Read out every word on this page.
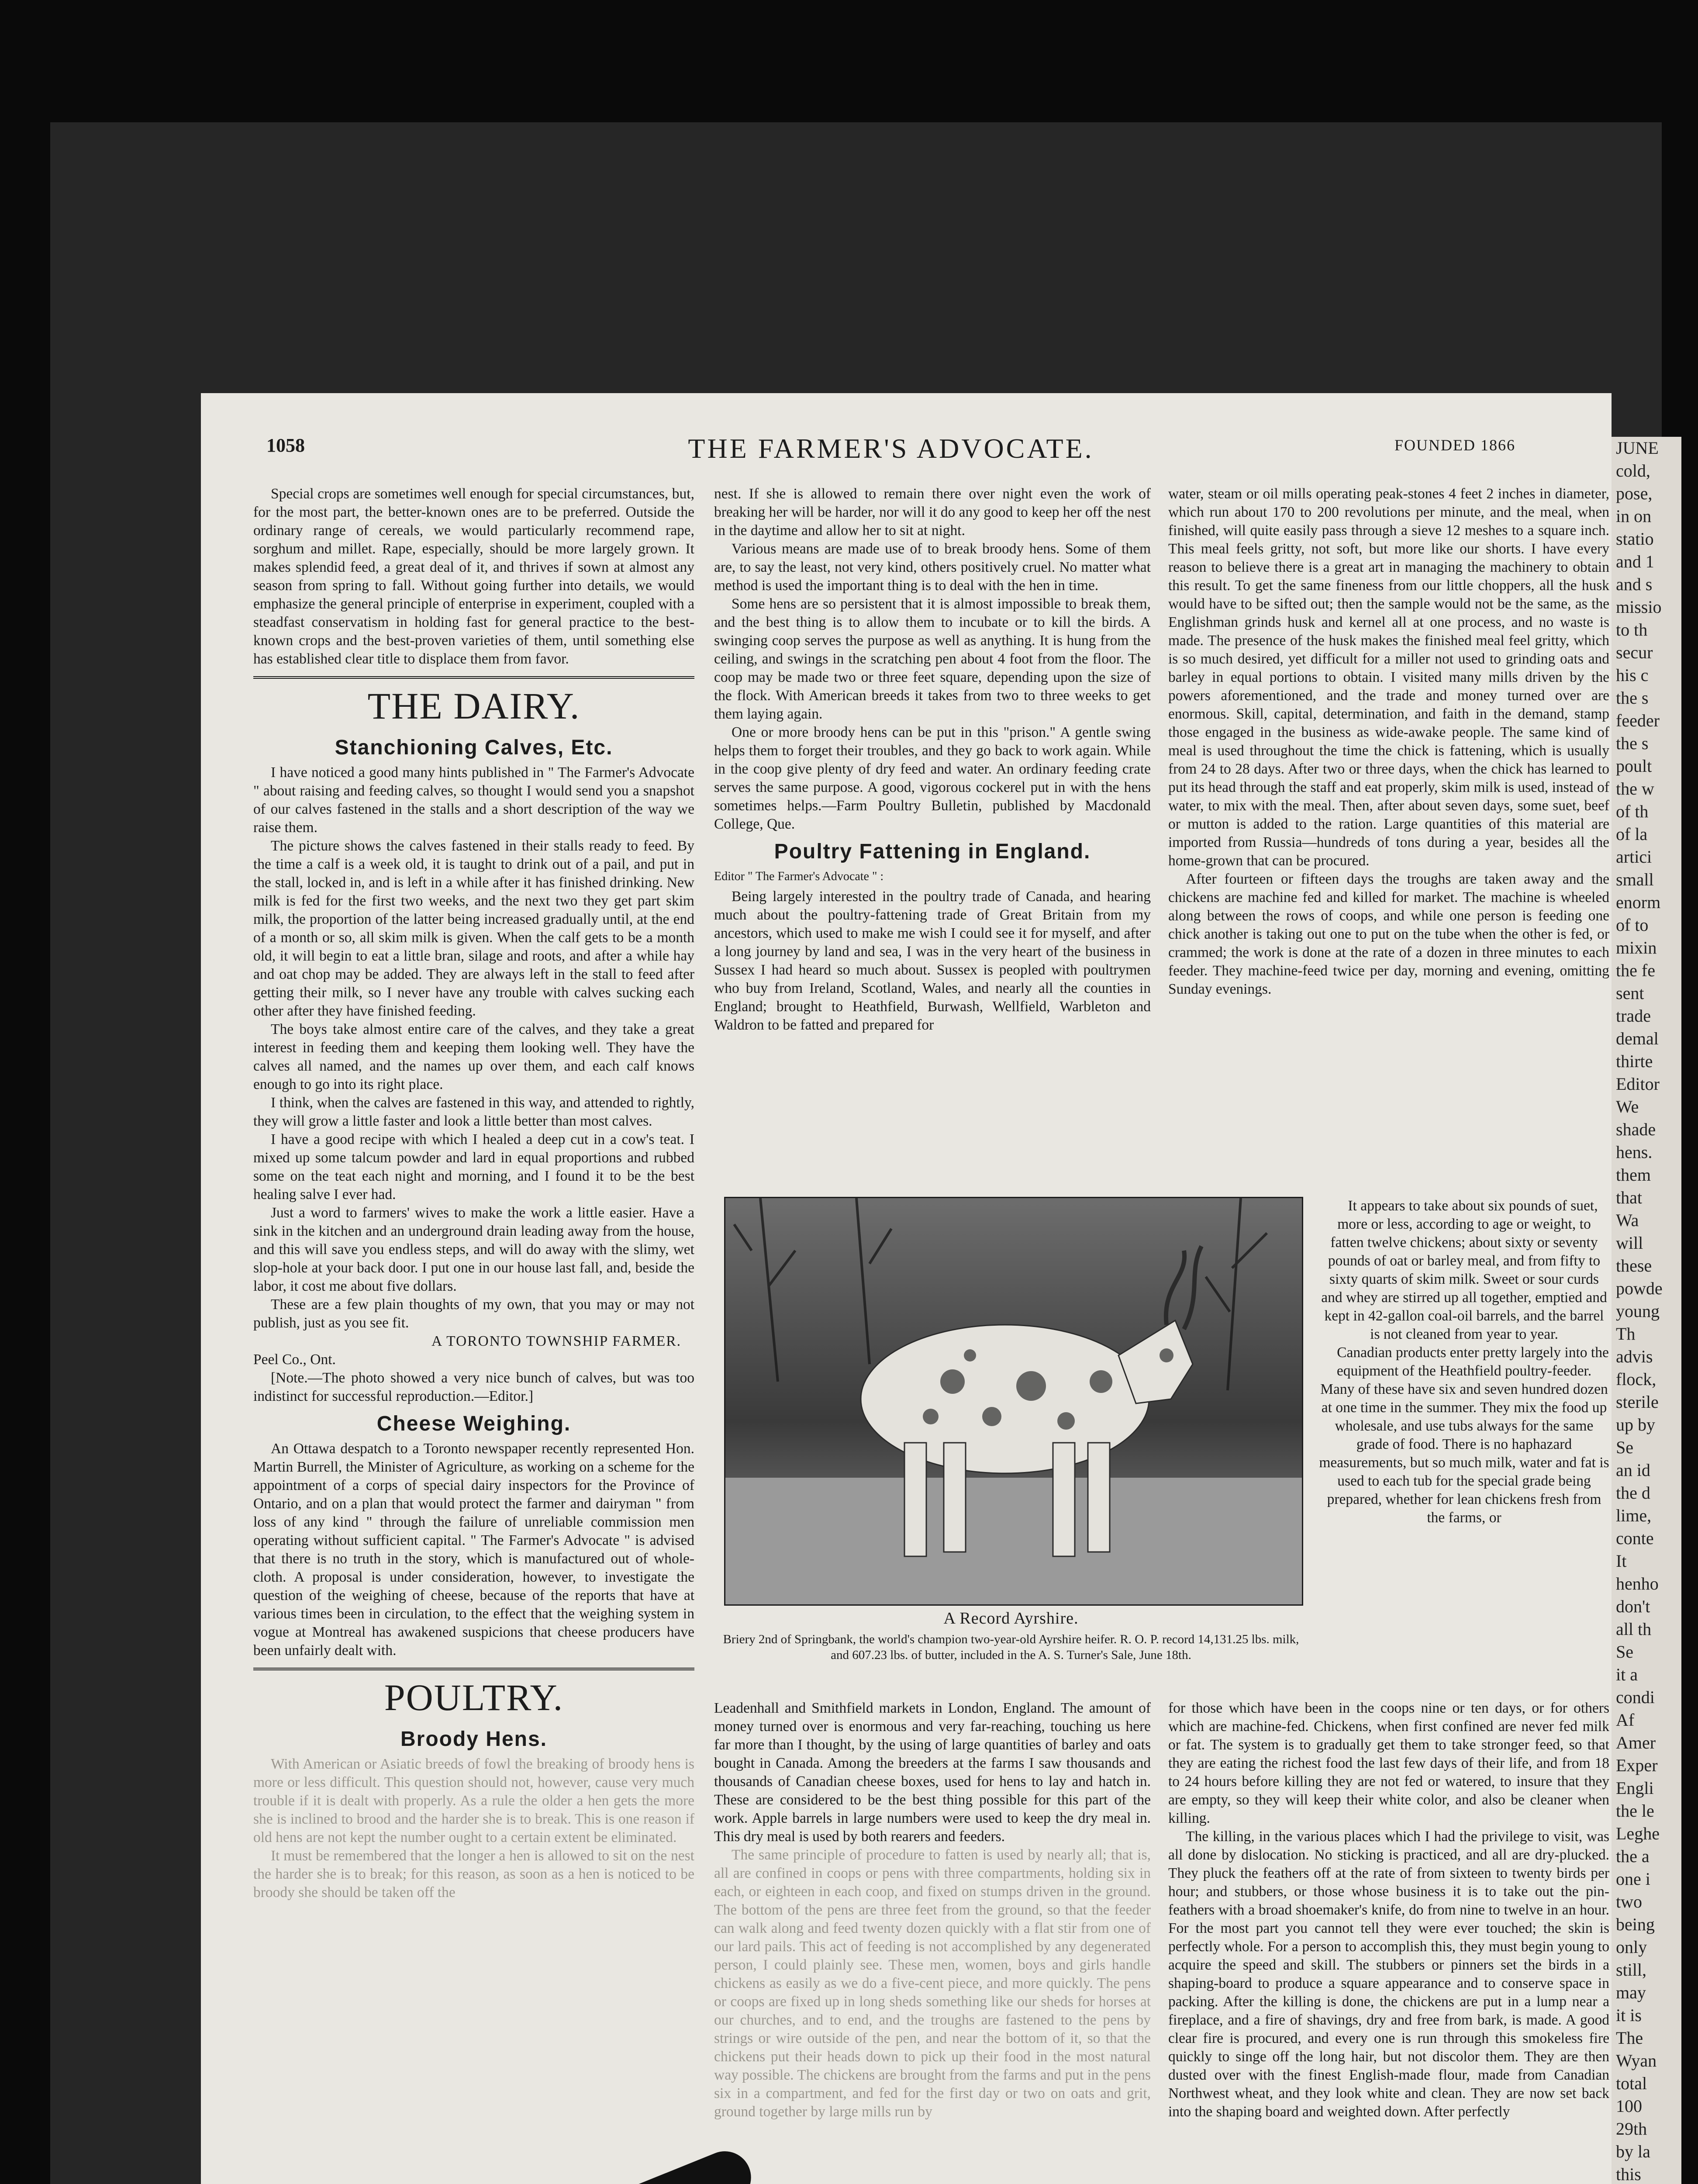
JUNE
cold,
pose,
in on
statio
and 1
and s
missio
to th
secur
his c
the s
feeder
the s
poult
the w
of th
of la
artici
small
enorm
of to
mixin
the fe
sent
trade
demal
thirte
Editor
We
shade
hens.
them
that
Wa
will
these
powde
young
Th
advis
flock,
sterile
up by
Se
an id
the d
lime,
conte
It
henho
don't
all th
Se
it a
condi
Af
Amer
Exper
Engli
the le
Leghe
the a
one i
two
being
only
still,
may
it is
The
Wyan
total
100
29th
by la
this
1058	THE FARMER'S ADVOCATE.	FOUNDED 1866

Special crops are sometimes well enough for special circumstances, but, for the most part, the better-known ones are to be preferred. Outside the ordinary range of cereals, we would particularly recommend rape, sorghum and millet. Rape, especially, should be more largely grown. It makes splendid feed, a great deal of it, and thrives if sown at almost any season from spring to fall. Without going further into details, we would emphasize the general principle of enterprise in experiment, coupled with a steadfast conservatism in holding fast for general practice to the best-known crops and the best-proven varieties of them, until something else has established clear title to displace them from favor.

THE DAIRY.
Stanchioning Calves, Etc.

I have noticed a good many hints published in " The Farmer's Advocate " about raising and feeding calves, so thought I would send you a snapshot of our calves fastened in the stalls and a short description of the way we raise them.

The picture shows the calves fastened in their stalls ready to feed. By the time a calf is a week old, it is taught to drink out of a pail, and put in the stall, locked in, and is left in a while after it has finished drinking. New milk is fed for the first two weeks, and the next two they get part skim milk, the proportion of the latter being increased gradually until, at the end of a month or so, all skim milk is given. When the calf gets to be a month old, it will begin to eat a little bran, silage and roots, and after a while hay and oat chop may be added. They are always left in the stall to feed after getting their milk, so I never have any trouble with calves sucking each other after they have finished feeding.

The boys take almost entire care of the calves, and they take a great interest in feeding them and keeping them looking well. They have the calves all named, and the names up over them, and each calf knows enough to go into its right place.

I think, when the calves are fastened in this way, and attended to rightly, they will grow a little faster and look a little better than most calves.

I have a good recipe with which I healed a deep cut in a cow's teat. I mixed up some talcum powder and lard in equal proportions and rubbed some on the teat each night and morning, and I found it to be the best healing salve I ever had.

Just a word to farmers' wives to make the work a little easier. Have a sink in the kitchen and an underground drain leading away from the house, and this will save you endless steps, and will do away with the slimy, wet slop-hole at your back door. I put one in our house last fall, and, beside the labor, it cost me about five dollars.

These are a few plain thoughts of my own, that you may or may not publish, just as you see fit.

A TORONTO TOWNSHIP FARMER.

Peel Co., Ont.

[Note.—The photo showed a very nice bunch of calves, but was too indistinct for successful reproduction.—Editor.]

Cheese Weighing.

An Ottawa despatch to a Toronto newspaper recently represented Hon. Martin Burrell, the Minister of Agriculture, as working on a scheme for the appointment of a corps of special dairy inspectors for the Province of Ontario, and on a plan that would protect the farmer and dairyman " from loss of any kind " through the failure of unreliable commission men operating without sufficient capital. " The Farmer's Advocate " is advised that there is no truth in the story, which is manufactured out of whole-cloth. A proposal is under consideration, however, to investigate the question of the weighing of cheese, because of the reports that have at various times been in circulation, to the effect that the weighing system in vogue at Montreal has awakened suspicions that cheese producers have been unfairly dealt with.

POULTRY.
Broody Hens.

With American or Asiatic breeds of fowl the breaking of broody hens is more or less difficult. This question should not, however, cause very much trouble if it is dealt with properly. As a rule the older a hen gets the more she is inclined to brood and the harder she is to break. This is one reason if old hens are not kept the number ought to a certain extent be eliminated.

It must be remembered that the longer a hen is allowed to sit on the nest the harder she is to break; for this reason, as soon as a hen is noticed to be broody she should be taken off the

nest. If she is allowed to remain there over night even the work of breaking her will be harder, nor will it do any good to keep her off the nest in the daytime and allow her to sit at night.

Various means are made use of to break broody hens. Some of them are, to say the least, not very kind, others positively cruel. No matter what method is used the important thing is to deal with the hen in time.

Some hens are so persistent that it is almost impossible to break them, and the best thing is to allow them to incubate or to kill the birds. A swinging coop serves the purpose as well as anything. It is hung from the ceiling, and swings in the scratching pen about 4 foot from the floor. The coop may be made two or three feet square, depending upon the size of the flock. With American breeds it takes from two to three weeks to get them laying again.

One or more broody hens can be put in this "prison." A gentle swing helps them to forget their troubles, and they go back to work again. While in the coop give plenty of dry feed and water. An ordinary feeding crate serves the same purpose. A good, vigorous cockerel put in with the hens sometimes helps.—Farm Poultry Bulletin, published by Macdonald College, Que.

Poultry Fattening in England.
Editor " The Farmer's Advocate " :

Being largely interested in the poultry trade of Canada, and hearing much about the poultry-fattening trade of Great Britain from my ancestors, which used to make me wish I could see it for myself, and after a long journey by land and sea, I was in the very heart of the business in Sussex I had heard so much about. Sussex is peopled with poultrymen who buy from Ireland, Scotland, Wales, and nearly all the counties in England; brought to Heathfield, Burwash, Wellfield, Warbleton and Waldron to be fatted and prepared for

water, steam or oil mills operating peak-stones 4 feet 2 inches in diameter, which run about 170 to 200 revolutions per minute, and the meal, when finished, will quite easily pass through a sieve 12 meshes to a square inch. This meal feels gritty, not soft, but more like our shorts. I have every reason to believe there is a great art in managing the machinery to obtain this result. To get the same fineness from our little choppers, all the husk would have to be sifted out; then the sample would not be the same, as the Englishman grinds husk and kernel all at one process, and no waste is made. The presence of the husk makes the finished meal feel gritty, which is so much desired, yet difficult for a miller not used to grinding oats and barley in equal portions to obtain. I visited many mills driven by the powers aforementioned, and the trade and money turned over are enormous. Skill, capital, determination, and faith in the demand, stamp those engaged in the business as wide-awake people. The same kind of meal is used throughout the time the chick is fattening, which is usually from 24 to 28 days. After two or three days, when the chick has learned to put its head through the staff and eat properly, skim milk is used, instead of water, to mix with the meal. Then, after about seven days, some suet, beef or mutton is added to the ration. Large quantities of this material are imported from Russia—hundreds of tons during a year, besides all the home-grown that can be procured.

After fourteen or fifteen days the troughs are taken away and the chickens are machine fed and killed for market. The machine is wheeled along between the rows of coops, and while one person is feeding one chick another is taking out one to put on the tube when the other is fed, or crammed; the work is done at the rate of a dozen in three minutes to each feeder. They machine-feed twice per day, morning and evening, omitting Sunday evenings.

It appears to take about six pounds of suet, more or less, according to age or weight, to fatten twelve chickens; about sixty or seventy pounds of oat or barley meal, and from fifty to sixty quarts of skim milk. Sweet or sour curds and whey are stirred up all together, emptied and kept in 42-gallon coal-oil barrels, and the barrel is not cleaned from year to year.

Canadian products enter pretty largely into the equipment of the Heathfield poultry-feeder. Many of these have six and seven hundred dozen at one time in the summer. They mix the food up wholesale, and use tubs always for the same grade of food. There is no haphazard measurements, but so much milk, water and fat is used to each tub for the special grade being prepared, whether for lean chickens fresh from the farms, or

A Record Ayrshire.
Briery 2nd of Springbank, the world's champion two-year-old Ayrshire heifer. R. O. P. record 14,131.25 lbs. milk, and 607.23 lbs. of butter, included in the A. S. Turner's Sale, June 18th.

Leadenhall and Smithfield markets in London, England. The amount of money turned over is enormous and very far-reaching, touching us here far more than I thought, by the using of large quantities of barley and oats bought in Canada. Among the breeders at the farms I saw thousands and thousands of Canadian cheese boxes, used for hens to lay and hatch in. These are considered to be the best thing possible for this part of the work. Apple barrels in large numbers were used to keep the dry meal in. This dry meal is used by both rearers and feeders.

The same principle of procedure to fatten is used by nearly all; that is, all are confined in coops or pens with three compartments, holding six in each, or eighteen in each coop, and fixed on stumps driven in the ground. The bottom of the pens are three feet from the ground, so that the feeder can walk along and feed twenty dozen quickly with a flat stir from one of our lard pails. This act of feeding is not accomplished by any degenerated person, I could plainly see. These men, women, boys and girls handle chickens as easily as we do a five-cent piece, and more quickly. The pens or coops are fixed up in long sheds something like our sheds for horses at our churches, and to end, and the troughs are fastened to the pens by strings or wire outside of the pen, and near the bottom of it, so that the chickens put their heads down to pick up their food in the most natural way possible. The chickens are brought from the farms and put in the pens six in a compartment, and fed for the first day or two on oats and grit, ground together by large mills run by

for those which have been in the coops nine or ten days, or for others which are machine-fed. Chickens, when first confined are never fed milk or fat. The system is to gradually get them to take stronger feed, so that they are eating the richest food the last few days of their life, and from 18 to 24 hours before killing they are not fed or watered, to insure that they are empty, so they will keep their white color, and also be cleaner when killing.

The killing, in the various places which I had the privilege to visit, was all done by dislocation. No sticking is practiced, and all are dry-plucked. They pluck the feathers off at the rate of from sixteen to twenty birds per hour; and stubbers, or those whose business it is to take out the pin-feathers with a broad shoemaker's knife, do from nine to twelve in an hour. For the most part you cannot tell they were ever touched; the skin is perfectly whole. For a person to accomplish this, they must begin young to acquire the speed and skill. The stubbers or pinners set the birds in a shaping-board to produce a square appearance and to conserve space in packing. After the killing is done, the chickens are put in a lump near a fireplace, and a fire of shavings, dry and free from bark, is made. A good clear fire is procured, and every one is run through this smokeless fire quickly to singe off the long hair, but not discolor them. They are then dusted over with the finest English-made flour, made from Canadian Northwest wheat, and they look white and clean. They are now set back into the shaping board and weighted down. After perfectly
